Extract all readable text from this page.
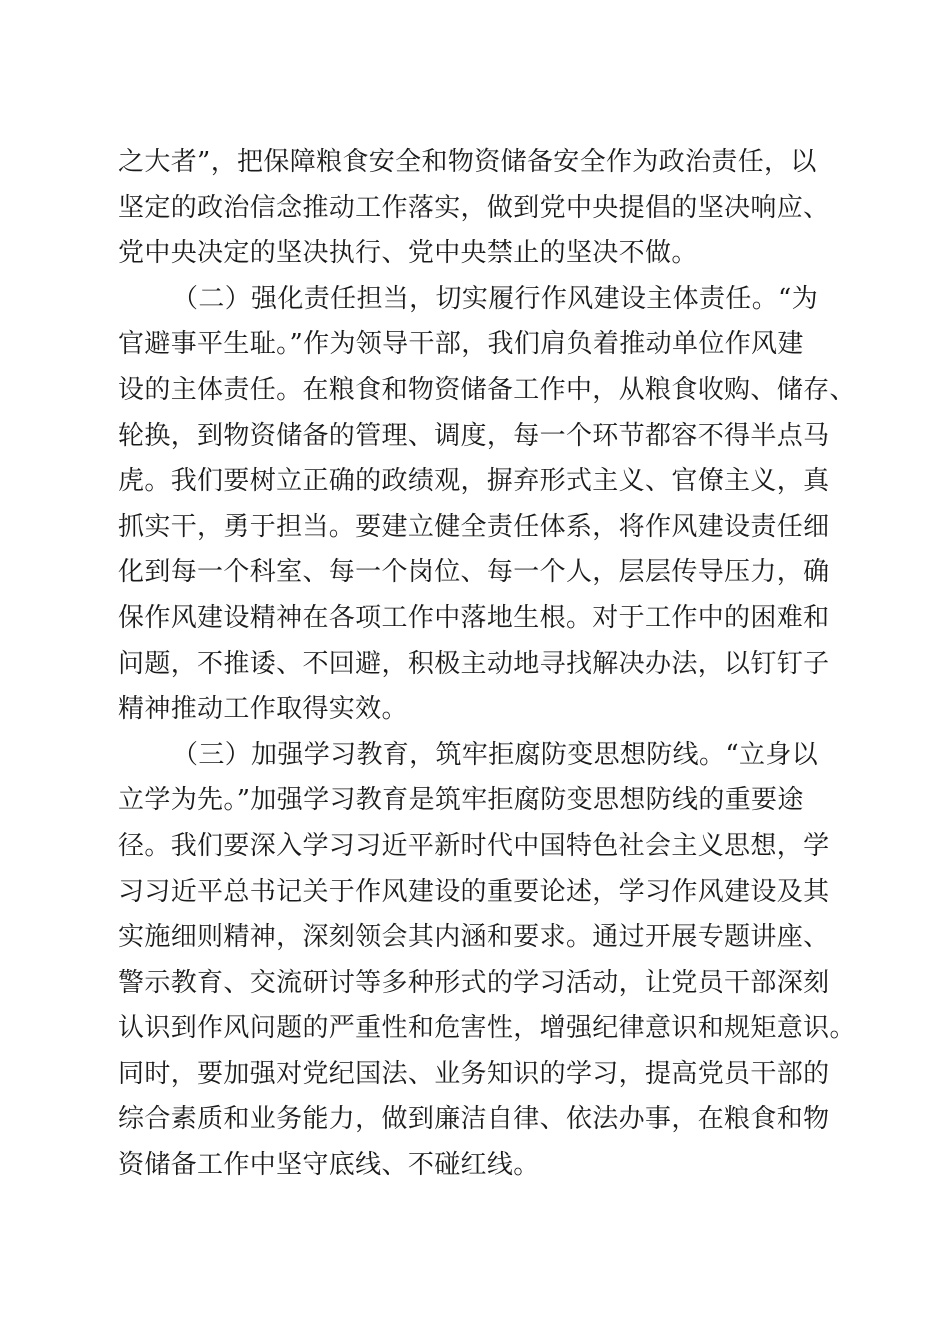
之大者”，把保障粮食安全和物资储备安全作为政治责任，以
坚定的政治信念推动工作落实，做到党中央提倡的坚决响应、
党中央决定的坚决执行、党中央禁止的坚决不做。
（二）强化责任担当，切实履行作风建设主体责任。“为
官避事平生耻。”作为领导干部，我们肩负着推动单位作风建
设的主体责任。在粮食和物资储备工作中，从粮食收购、储存、
轮换，到物资储备的管理、调度，每一个环节都容不得半点马
虎。我们要树立正确的政绩观，摒弃形式主义、官僚主义，真
抓实干，勇于担当。要建立健全责任体系，将作风建设责任细
化到每一个科室、每一个岗位、每一个人，层层传导压力，确
保作风建设精神在各项工作中落地生根。对于工作中的困难和
问题，不推诿、不回避，积极主动地寻找解决办法，以钉钉子
精神推动工作取得实效。
（三）加强学习教育，筑牢拒腐防变思想防线。“立身以
立学为先。”加强学习教育是筑牢拒腐防变思想防线的重要途
径。我们要深入学习习近平新时代中国特色社会主义思想，学
习习近平总书记关于作风建设的重要论述，学习作风建设及其
实施细则精神，深刻领会其内涵和要求。通过开展专题讲座、
警示教育、交流研讨等多种形式的学习活动，让党员干部深刻
认识到作风问题的严重性和危害性，增强纪律意识和规矩意识。
同时，要加强对党纪国法、业务知识的学习，提高党员干部的
综合素质和业务能力，做到廉洁自律、依法办事，在粮食和物
资储备工作中坚守底线、不碰红线。
